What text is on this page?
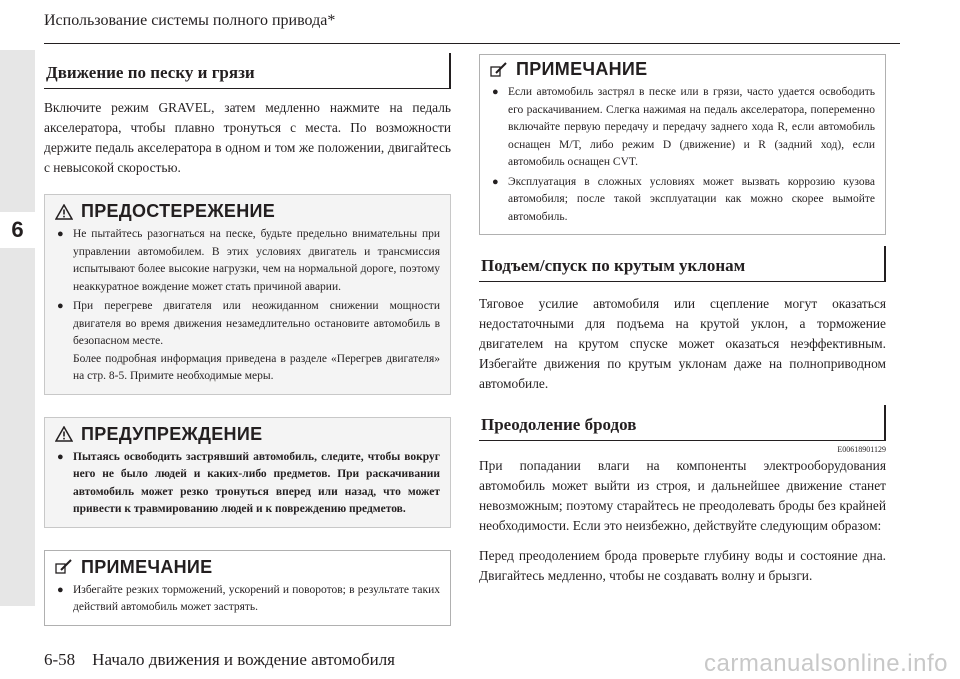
Использование системы полного привода*
6
Движение по песку и грязи

Включите режим GRAVEL, затем медленно нажмите на педаль акселератора, чтобы плавно тронуться с места. По возможности держите педаль акселератора в одном и том же положении, двигайтесь с невысокой скоростью.

ПРЕДОСТЕРЕЖЕНИЕ
● Не пытайтесь разогнаться на песке, будьте предельно внимательны при управлении автомобилем. В этих условиях двигатель и трансмиссия испытывают более высокие нагрузки, чем на нормальной дороге, поэтому неаккуратное вождение может стать причиной аварии.
● При перегреве двигателя или неожиданном снижении мощности двигателя во время движения незамедлительно остановите автомобиль в безопасном месте.
Более подробная информация приведена в разделе «Перегрев двигателя» на стр. 8-5. Примите необходимые меры.
ПРЕДУПРЕЖДЕНИЕ
● Пытаясь освободить застрявший автомобиль, следите, чтобы вокруг него не было людей и каких-либо предметов. При раскачивании автомобиль может резко тронуться вперед или назад, что может привести к травмированию людей и к повреждению предметов.
ПРИМЕЧАНИЕ
● Избегайте резких торможений, ускорений и поворотов; в результате таких действий автомобиль может застрять.
ПРИМЕЧАНИЕ
● Если автомобиль застрял в песке или в грязи, часто удается освободить его раскачиванием. Слегка нажимая на педаль акселератора, попеременно включайте первую передачу и передачу заднего хода R, если автомобиль оснащен M/T, либо режим D (движение) и R (задний ход), если автомобиль оснащен CVT.
● Эксплуатация в сложных условиях может вызвать коррозию кузова автомобиля; после такой эксплуатации как можно скорее вымойте автомобиль.
Подъем/спуск по крутым уклонам

Тяговое усилие автомобиля или сцепление могут оказаться недостаточными для подъема на крутой уклон, а торможение двигателем на крутом спуске может оказаться неэффективным. Избегайте движения по крутым уклонам даже на полноприводном автомобиле.

Преодоление бродов
E00618901129

При попадании влаги на компоненты электрооборудования автомобиль может выйти из строя, и дальнейшее движение станет невозможным; поэтому старайтесь не преодолевать броды без крайней необходимости. Если это неизбежно, действуйте следующим образом:

Перед преодолением брода проверьте глубину воды и состояние дна. Двигайтесь медленно, чтобы не создавать волну и брызги.

6-58 Начало движения и вождение автомобиля	carmanualsonline.info
